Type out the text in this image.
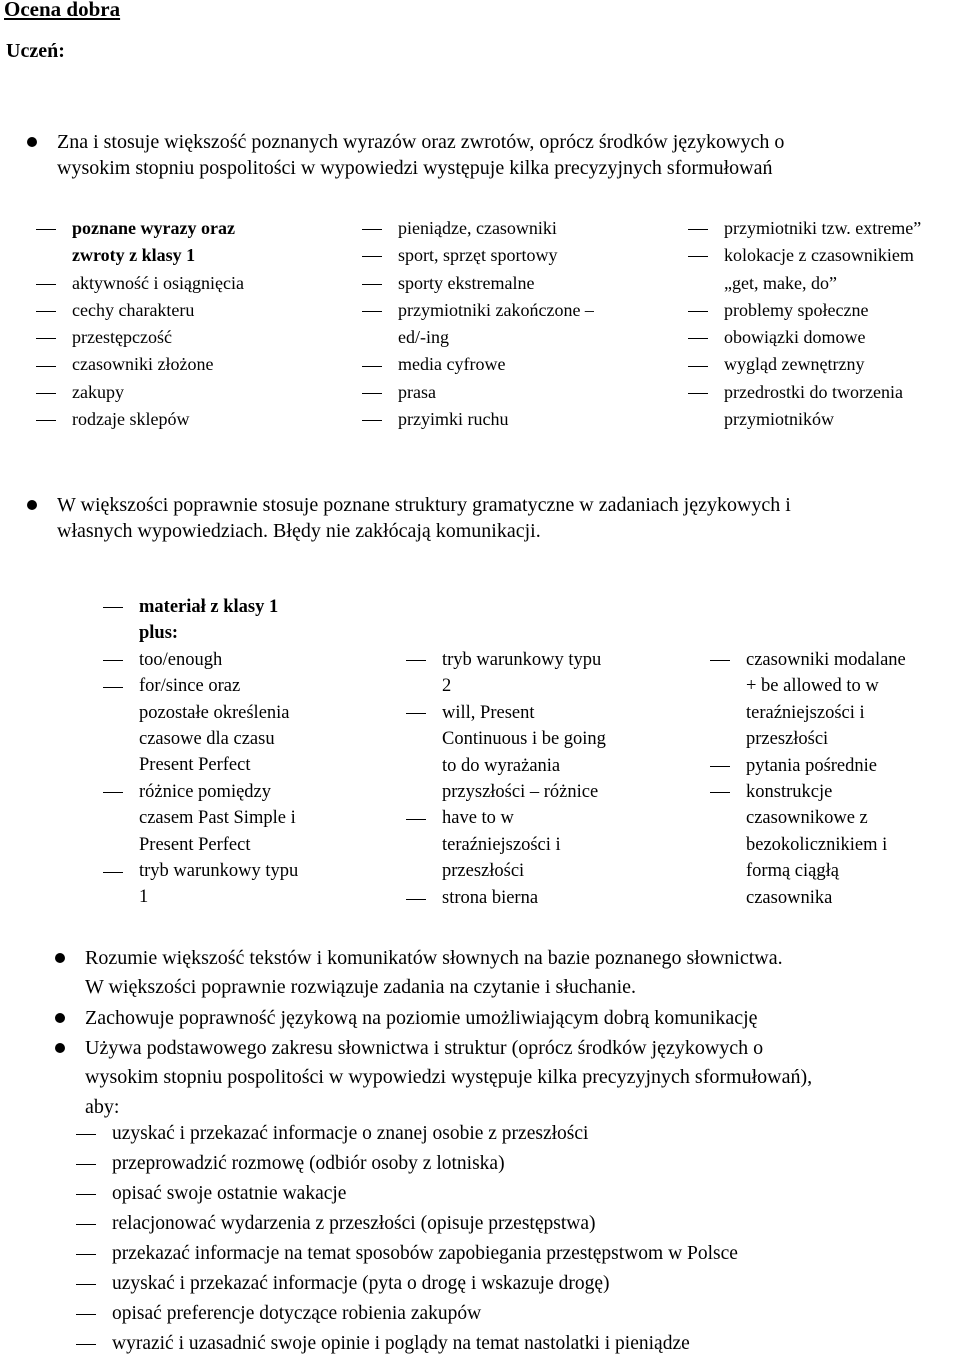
Ocena dobra
Uczeń:
Zna i stosuje większość poznanych wyrazów oraz zwrotów, oprócz środków językowych o
wysokim stopniu pospolitości w wypowiedzi występuje kilka precyzyjnych sformułowań
poznane wyrazy oraz
zwroty z klasy 1
aktywność i osiągnięcia
cechy charakteru
przestępczość
czasowniki złożone
zakupy
rodzaje sklepów
pieniądze, czasowniki
sport, sprzęt sportowy
sporty ekstremalne
przymiotniki zakończone –
ed/-ing
media cyfrowe
prasa
przyimki ruchu
przymiotniki tzw. extreme”
kolokacje z czasownikiem
„get, make, do”
problemy społeczne
obowiązki domowe
wygląd zewnętrzny
przedrostki do tworzenia
przymiotników
W większości poprawnie stosuje poznane struktury gramatyczne w zadaniach językowych i
własnych wypowiedziach. Błędy nie zakłócają komunikacji.
materiał z klasy 1
plus:
too/enough
for/since oraz
pozostałe określenia
czasowe dla czasu
Present Perfect
różnice pomiędzy
czasem Past Simple i
Present Perfect
tryb warunkowy typu
1
tryb warunkowy typu
2
will, Present
Continuous i be going
to do wyrażania
przyszłości – różnice
have to w
teraźniejszości i
przeszłości
strona bierna
czasowniki modalane
+ be allowed to w
teraźniejszości i
przeszłości
pytania pośrednie
konstrukcje
czasownikowe z
bezokolicznikiem i
formą ciągłą
czasownika
Rozumie większość tekstów i komunikatów słownych na bazie poznanego słownictwa.
W większości poprawnie rozwiązuje zadania na czytanie i słuchanie.
Zachowuje poprawność językową na poziomie umożliwiającym dobrą komunikację
Używa podstawowego zakresu słownictwa i struktur (oprócz środków językowych o
wysokim stopniu pospolitości w wypowiedzi występuje kilka precyzyjnych sformułowań),
aby:
uzyskać i przekazać informacje o znanej osobie z przeszłości
przeprowadzić rozmowę (odbiór osoby z lotniska)
opisać swoje ostatnie wakacje
relacjonować wydarzenia z przeszłości (opisuje przestępstwa)
przekazać informacje na temat sposobów zapobiegania przestępstwom w Polsce
uzyskać i przekazać informacje (pyta o drogę i wskazuje drogę)
opisać preferencje dotyczące robienia zakupów
wyrazić i uzasadnić swoje opinie i poglądy na temat nastolatki i pieniądze
